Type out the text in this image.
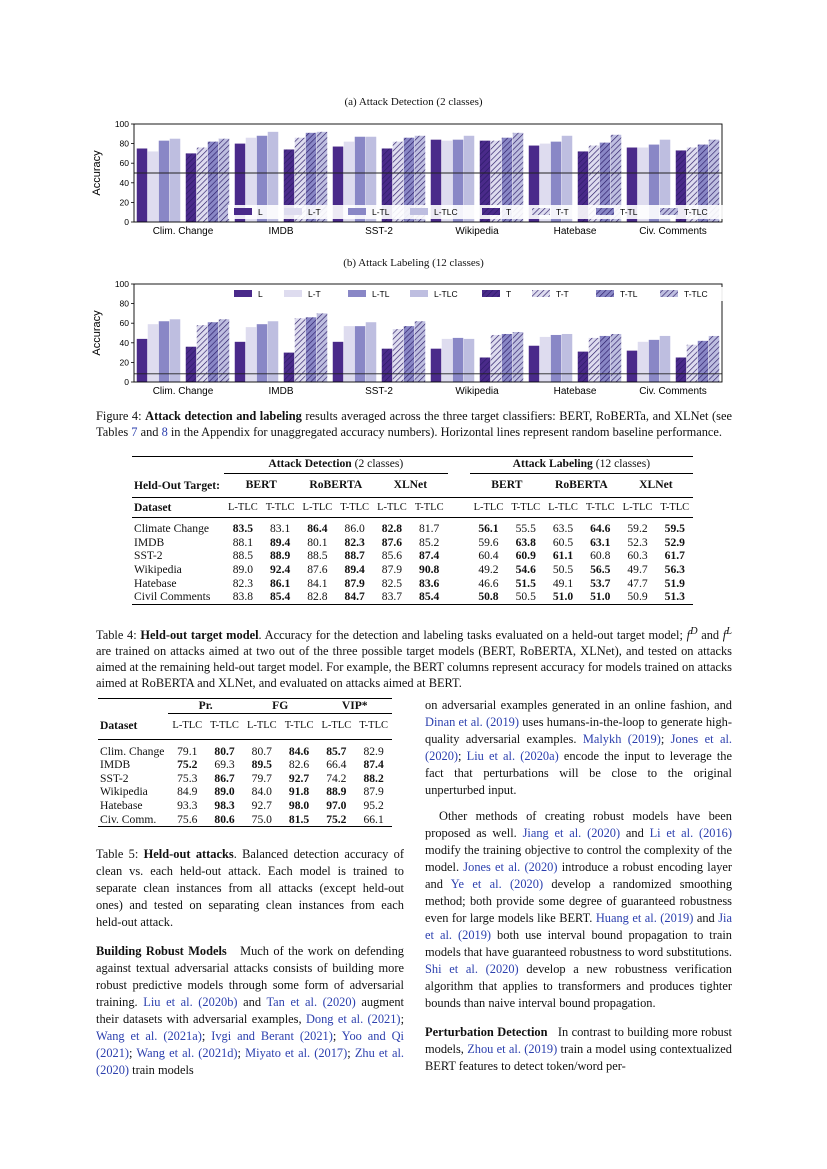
(a) Attack Detection (2 classes)
Accuracy
0
20
40
60
80
100
Clim. Change	IMDB	SST-2	Wikipedia	Hatebase	Civ. Comments
L	L-T	L-TL	L-TLC	T	T-T	T-TL	T-TLC
(b) Attack Labeling (12 classes)
Accuracy
0
20
40
60
80
100
Clim. Change	IMDB	SST-2	Wikipedia	Hatebase	Civ. Comments
L	L-T	L-TL	L-TLC	T	T-T	T-TL	T-TLC
Figure 4: Attack detection and labeling results averaged across the three target classifiers: BERT, RoBERTa, and XLNet (see Tables 7 and 8 in the Appendix for unaggregated accuracy numbers). Horizontal lines represent random baseline performance.
	Attack Detection (2 classes)							Attack Labeling (12 classes)					
Held-Out Target:	BERT		RoBERTA		XLNet			BERT		RoBERTA		XLNet	
Dataset	L-TLC	T-TLC	L-TLC	T-TLC	L-TLC	T-TLC		L-TLC	T-TLC	L-TLC	T-TLC	L-TLC	T-TLC
Climate Change	83.5	83.1	86.4	86.0	82.8	81.7		56.1	55.5	63.5	64.6	59.2	59.5
IMDB	88.1	89.4	80.1	82.3	87.6	85.2		59.6	63.8	60.5	63.1	52.3	52.9
SST-2	88.5	88.9	88.5	88.7	85.6	87.4		60.4	60.9	61.1	60.8	60.3	61.7
Wikipedia	89.0	92.4	87.6	89.4	87.9	90.8		49.2	54.6	50.5	56.5	49.7	56.3
Hatebase	82.3	86.1	84.1	87.9	82.5	83.6		46.6	51.5	49.1	53.7	47.7	51.9
Civil Comments	83.8	85.4	82.8	84.7	83.7	85.4		50.8	50.5	51.0	51.0	50.9	51.3
Table 4: Held-out target model. Accuracy for the detection and labeling tasks evaluated on a held-out target model; $f^D$ and $f^L$ are trained on attacks aimed at two out of the three possible target models (BERT, RoBERTA, XLNet), and tested on attacks aimed at the remaining held-out target model. For example, the BERT columns represent accuracy for models trained on attacks aimed at RoBERTA and XLNet, and evaluated on attacks aimed at BERT.
	Pr.		FG		VIP*	
Dataset	L-TLC	T-TLC	L-TLC	T-TLC	L-TLC	T-TLC
Clim. Change	79.1	80.7	80.7	84.6	85.7	82.9
IMDB	75.2	69.3	89.5	82.6	66.4	87.4
SST-2	75.3	86.7	79.7	92.7	74.2	88.2
Wikipedia	84.9	89.0	84.0	91.8	88.9	87.9
Hatebase	93.3	98.3	92.7	98.0	97.0	95.2
Civ. Comm.	75.6	80.6	75.0	81.5	75.2	66.1
Table 5: Held-out attacks. Balanced detection accuracy of clean vs. each held-out attack. Each model is trained to separate clean instances from all attacks (except held-out ones) and tested on separating clean instances from each held-out attack.
Building Robust Models Much of the work on defending against textual adversarial attacks consists of building more robust predictive models through some form of adversarial training. Liu et al. (2020b) and Tan et al. (2020) augment their datasets with adversarial examples, Dong et al. (2021); Wang et al. (2021a); Ivgi and Berant (2021); Yoo and Qi (2021); Wang et al. (2021d); Miyato et al. (2017); Zhu et al. (2020) train models
on adversarial examples generated in an online fashion, and Dinan et al. (2019) uses humans-in-the-loop to generate high-quality adversarial examples. Malykh (2019); Jones et al. (2020); Liu et al. (2020a) encode the input to leverage the fact that perturbations will be close to the original unperturbed input.
Other methods of creating robust models have been proposed as well. Jiang et al. (2020) and Li et al. (2016) modify the training objective to control the complexity of the model. Jones et al. (2020) introduce a robust encoding layer and Ye et al. (2020) develop a randomized smoothing method; both provide some degree of guaranteed robustness even for large models like BERT. Huang et al. (2019) and Jia et al. (2019) both use interval bound propagation to train models that have guaranteed robustness to word substitutions. Shi et al. (2020) develop a new robustness verification algorithm that applies to transformers and produces tighter bounds than naive interval bound propagation.
Perturbation Detection In contrast to building more robust models, Zhou et al. (2019) train a model using contextualized BERT features to detect token/word per-
